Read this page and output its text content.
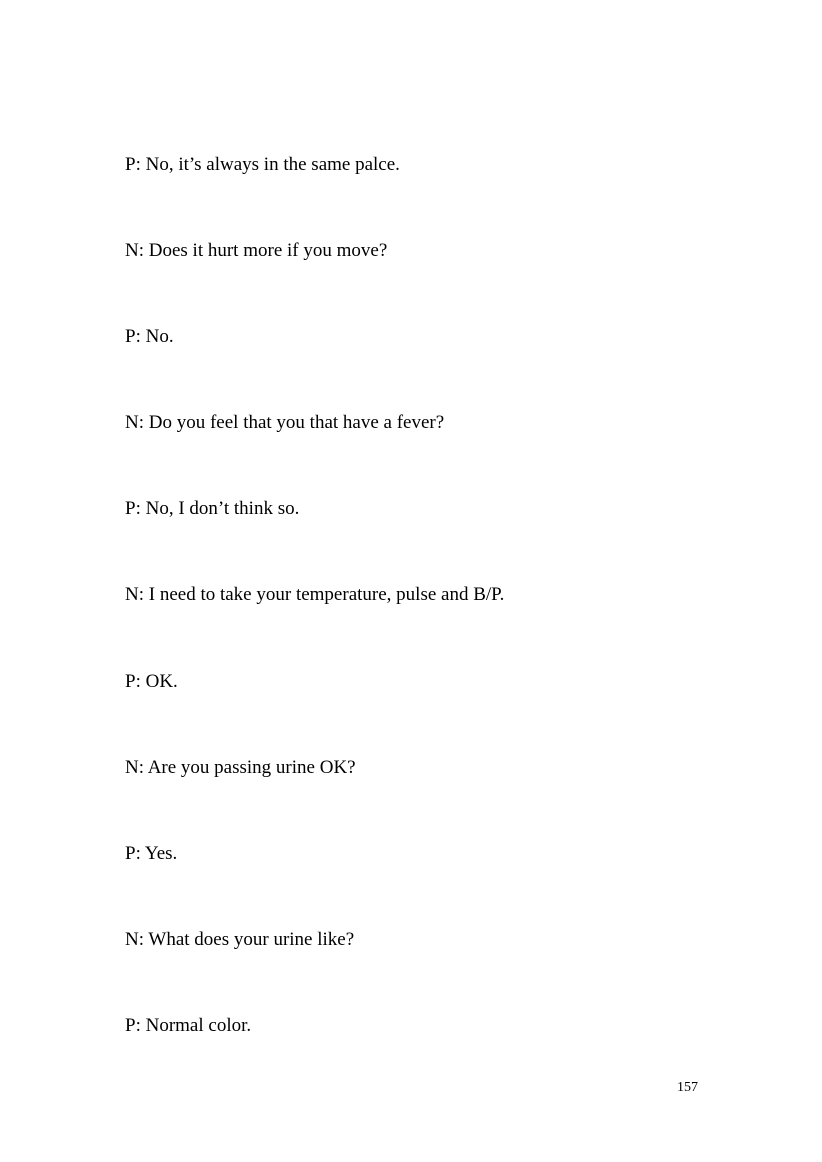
P: No, it’s always in the same palce.

N: Does it hurt more if you move?

P: No.

N: Do you feel that you that have a fever?

P: No, I don’t think so.

N: I need to take your temperature, pulse and B/P.

P: OK.

N: Are you passing urine OK?

P: Yes.

N: What does your urine like?

P: Normal color.

157
